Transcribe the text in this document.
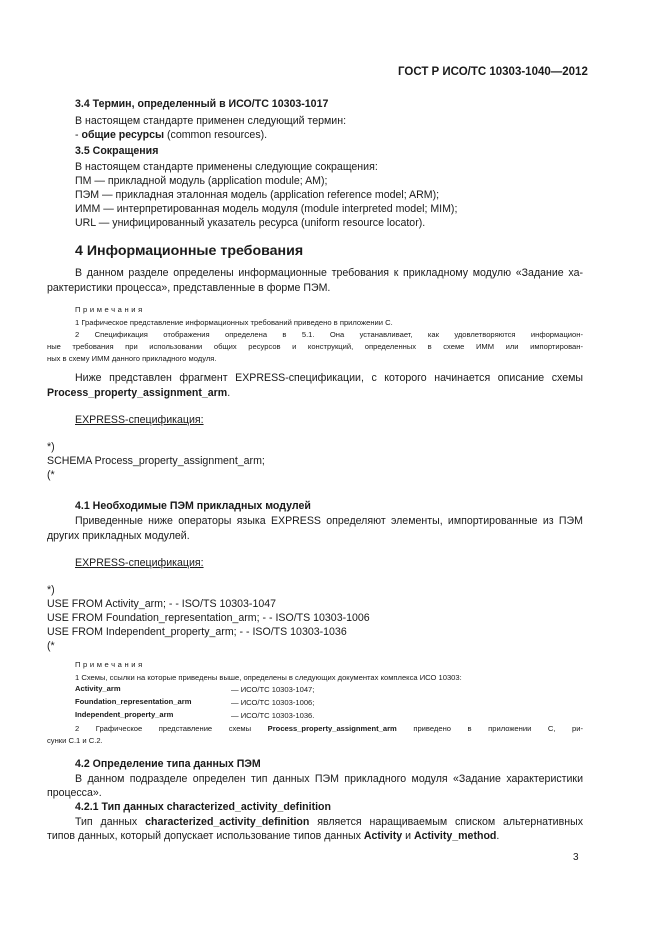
ГОСТ Р ИСО/ТС 10303-1040—2012
3.4 Термин, определенный в ИСО/ТС 10303-1017
В настоящем стандарте применен следующий термин:
- общие ресурсы (common resources).
3.5 Сокращения
В настоящем стандарте применены следующие сокращения:
ПМ — прикладной модуль (application module; AM);
ПЭМ — прикладная эталонная модель (application reference model; ARM);
ИММ — интерпретированная модель модуля (module interpreted model; MIM);
URL — унифицированный указатель ресурса (uniform resource locator).
4 Информационные требования
В данном разделе определены информационные требования к прикладному модулю «Задание ха-
рактеристики процесса», представленные в форме ПЭМ.
Примечания
1 Графическое представление информационных требований приведено в приложении С.
2 Спецификация отображения определена в 5.1. Она устанавливает, как удовлетворяются информацион-
ные требования при использовании общих ресурсов и конструкций, определенных в схеме ИММ или импортирован-
ных в схему ИММ данного прикладного модуля.
Ниже представлен фрагмент EXPRESS-спецификации, с которого начинается описание схемы
Process_property_assignment_arm.
EXPRESS-спецификация:
*)
SCHEMA Process_property_assignment_arm;
(*
4.1 Необходимые ПЭМ прикладных модулей
Приведенные ниже операторы языка EXPRESS определяют элементы, импортированные из ПЭМ
других прикладных модулей.
EXPRESS-спецификация:
*)
USE FROM Activity_arm; - - ISO/TS 10303-1047
USE FROM Foundation_representation_arm; - - ISO/TS 10303-1006
USE FROM Independent_property_arm; - - ISO/TS 10303-1036
(*
Примечания
1 Схемы, ссылки на которые приведены выше, определены в следующих документах комплекса ИСО 10303:
Activity_arm	— ИСО/ТС 10303-1047;
Foundation_representation_arm	— ИСО/ТС 10303-1006;
Independent_property_arm	— ИСО/ТС 10303-1036.
2 Графическое представление схемы Process_property_assignment_arm приведено в приложении С, ри-
сунки С.1 и С.2.
4.2 Определение типа данных ПЭМ
В данном подразделе определен тип данных ПЭМ прикладного модуля «Задание характеристики
процесса».
4.2.1 Тип данных characterized_activity_definition
Тип данных characterized_activity_definition является наращиваемым списком альтернативных
типов данных, который допускает использование типов данных Activity и Activity_method.
3
